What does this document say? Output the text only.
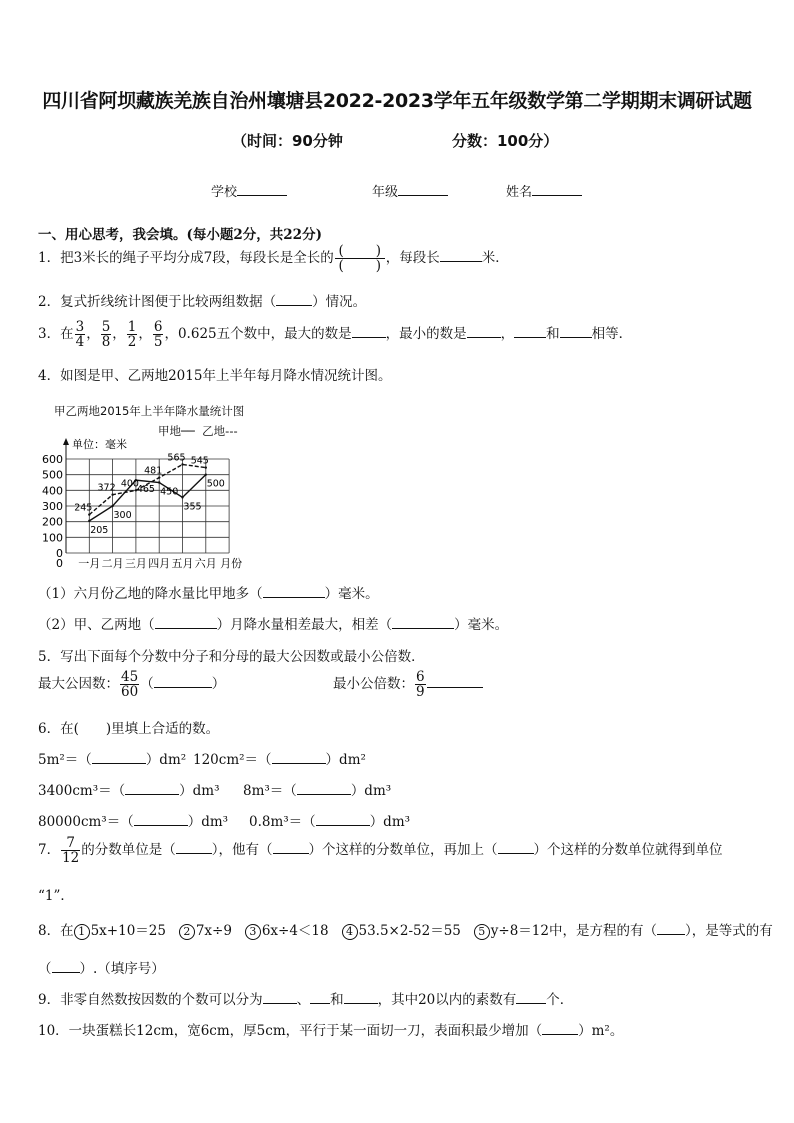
四川省阿坝藏族羌族自治州壤塘县2022-2023学年五年级数学第二学期期末调研试题
（时间：90分钟	分数：100分）
学校	年级	姓名
一、用心思考，我会填。(每小题2分，共22分)
1．把3米长的绳子平均分成7段，每段长是全长的 $\frac{( )}{( )}$ ，每段长	米．
2．复式折线统计图便于比较两组数据（	）情况。
3．在 $\frac{3}{4}$ ， $\frac{5}{8}$ ， $\frac{1}{2}$ ， $\frac{6}{5}$ ，0.625五个数中，最大的数是	，最小的数是	， 和 相等．
4．如图是甲、乙两地2015年上半年每月降水情况统计图。
甲乙两地2015年上半年降水量统计图
甲地── 乙地---
0
100
200
300
400
500
600
单位：毫米
一月 二月 三月 四月 五月 六月 月份
0
205
300
465 450
355
500
245
372 400
481
565 545
（1）六月份乙地的降水量比甲地多（	）毫米。
（2）甲、乙两地（	）月降水量相差最大，相差（	）毫米。
5．写出下面每个分数中分子和分母的最大公因数或最小公倍数．
最大公因数： $\frac{45}{60}$ （	）	最小公倍数： $\frac{6}{9}$
6．在(　　)里填上合适的数。
5m²＝（	）dm² 120cm²＝（	）dm²
3400cm³＝（	）dm³ 8m³＝（	）dm³
80000cm³＝（	）dm³ 0.8m³＝（	）dm³
7． $\frac{7}{12}$ 的分数单位是（	），他有（	）个这样的分数单位，再加上（	）个这样的分数单位就得到单位
“1”．
8．在 1 5x+10＝25 2 7x÷9 3 6x÷4＜18 4 53.5×2-52＝55 5 y÷8＝12中，是方程的有（ ），是等式的有
（ ）.（填序号）
9．非零自然数按因数的个数可以分为	、 和	，其中20以内的素数有 个．
10．一块蛋糕长12cm，宽6cm，厚5cm，平行于某一面切一刀，表面积最少增加（	）m²。
